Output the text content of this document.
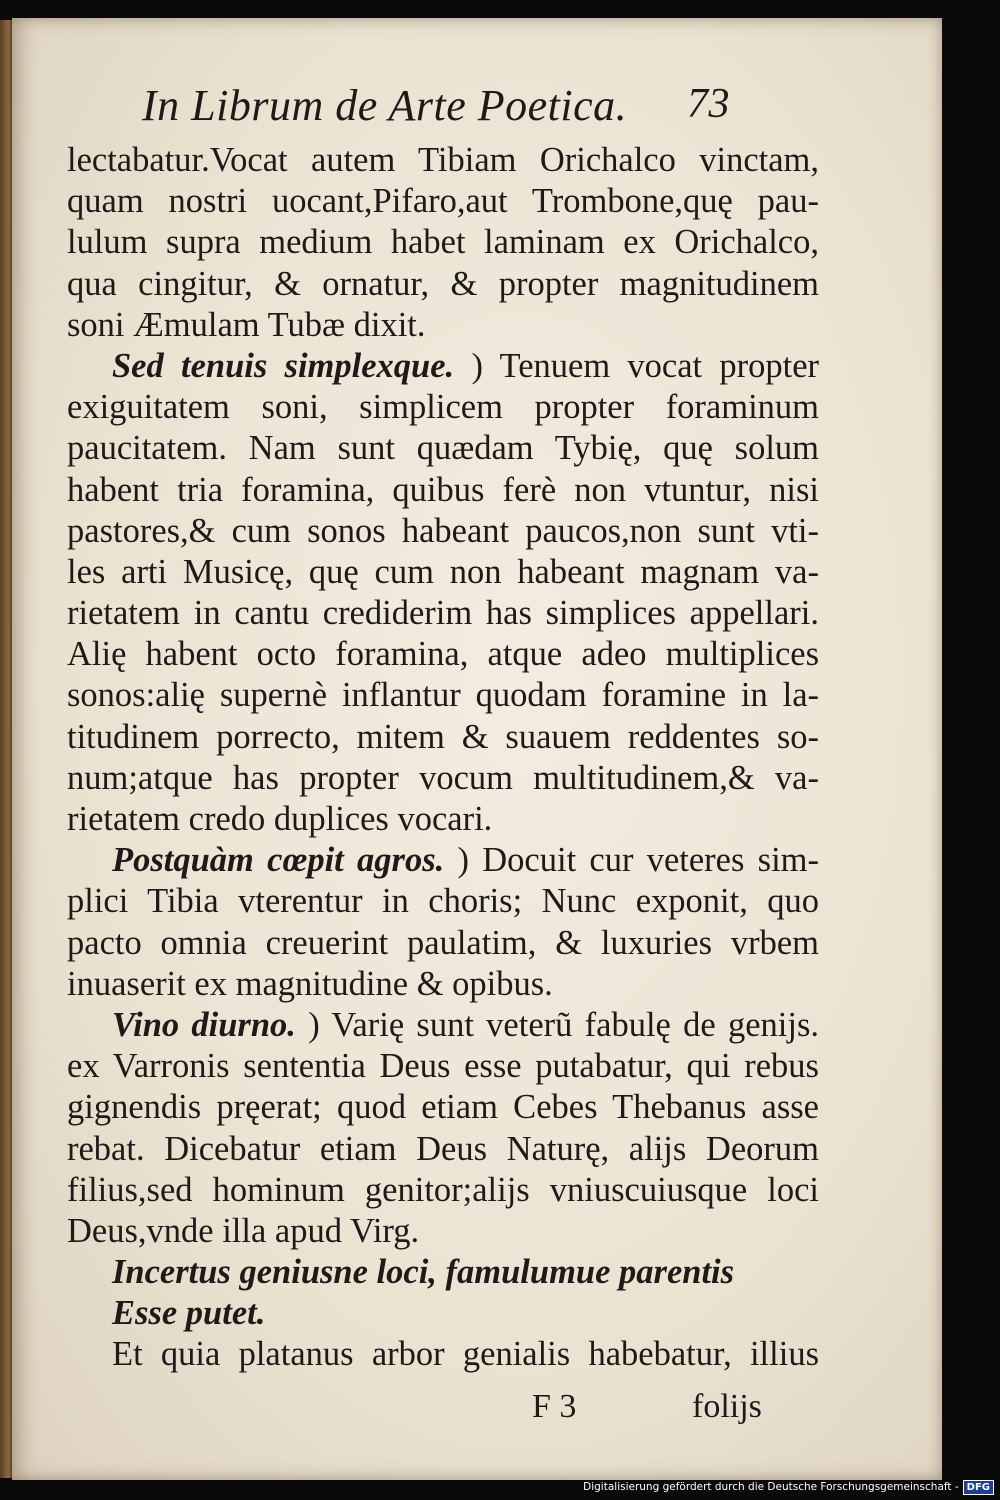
In Librum de Arte Poetica. 73
lectabatur.Vocat autem Tibiam Orichalco vinctam,
quam nostri uocant,Pifaro,aut Trombone,quę pau-
lulum supra medium habet laminam ex Orichalco,
qua cingitur, & ornatur, & propter magnitudinem
soni Æmulam Tubæ dixit.
Sed tenuis simplexque. ) Tenuem vocat propter
exiguitatem soni, simplicem propter foraminum
paucitatem. Nam sunt quædam Tybię, quę solum
habent tria foramina, quibus ferè non vtuntur, nisi
pastores,& cum sonos habeant paucos,non sunt vti-
les arti Musicę, quę cum non habeant magnam va-
rietatem in cantu crediderim has simplices appellari.
Alię habent octo foramina, atque adeo multiplices
sonos:alię supernè inflantur quodam foramine in la-
titudinem porrecto, mitem & suauem reddentes so-
num;atque has propter vocum multitudinem,& va-
rietatem credo duplices vocari.
Postquàm cœpit agros. ) Docuit cur veteres sim-
plici Tibia vterentur in choris; Nunc exponit, quo
pacto omnia creuerint paulatim, & luxuries vrbem
inuaserit ex magnitudine & opibus.
Vino diurno. ) Varię sunt veterũ fabulę de genijs.
ex Varronis sententia Deus esse putabatur, qui rebus
gignendis pręerat; quod etiam Cebes Thebanus asse
rebat. Dicebatur etiam Deus Naturę, alijs Deorum
filius,sed hominum genitor;alijs vniuscuiusque loci
Deus,vnde illa apud Virg.
Incertus geniusne loci, famulumue parentis
Esse putet.
Et quia platanus arbor genialis habebatur, illius
F 3	folijs
Digitalisierung gefördert durch die Deutsche Forschungsgemeinschaft - DFG
